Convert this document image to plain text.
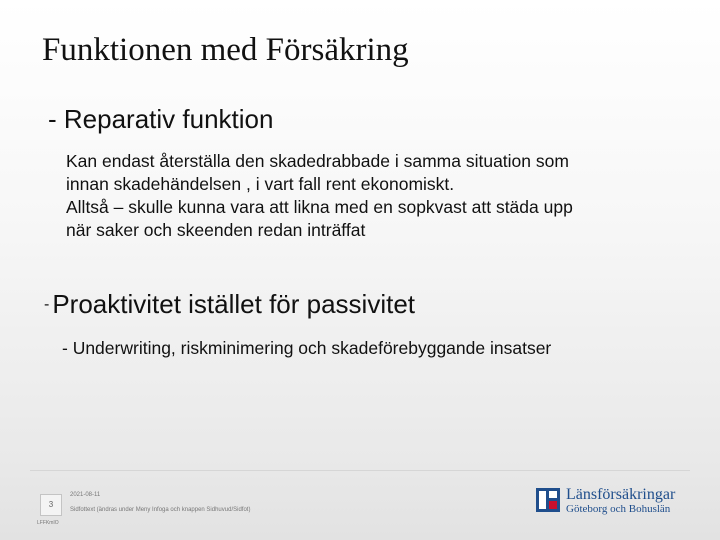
Funktionen med Försäkring
- Reparativ funktion
Kan endast återställa den skadedrabbade i samma situation som
innan skadehändelsen , i vart fall rent ekonomiskt.
Alltså – skulle kunna vara att likna med en sopkvast att städa upp
när saker och skeenden redan inträffat
- Proaktivitet istället för passivitet
- Underwriting, riskminimering och skadeförebyggande insatser
3
LFFKmIO
2021-08-11
Sidfottext (ändras under Meny Infoga och knappen Sidhuvud/Sidfot)
Länsförsäkringar
Göteborg och Bohuslän
